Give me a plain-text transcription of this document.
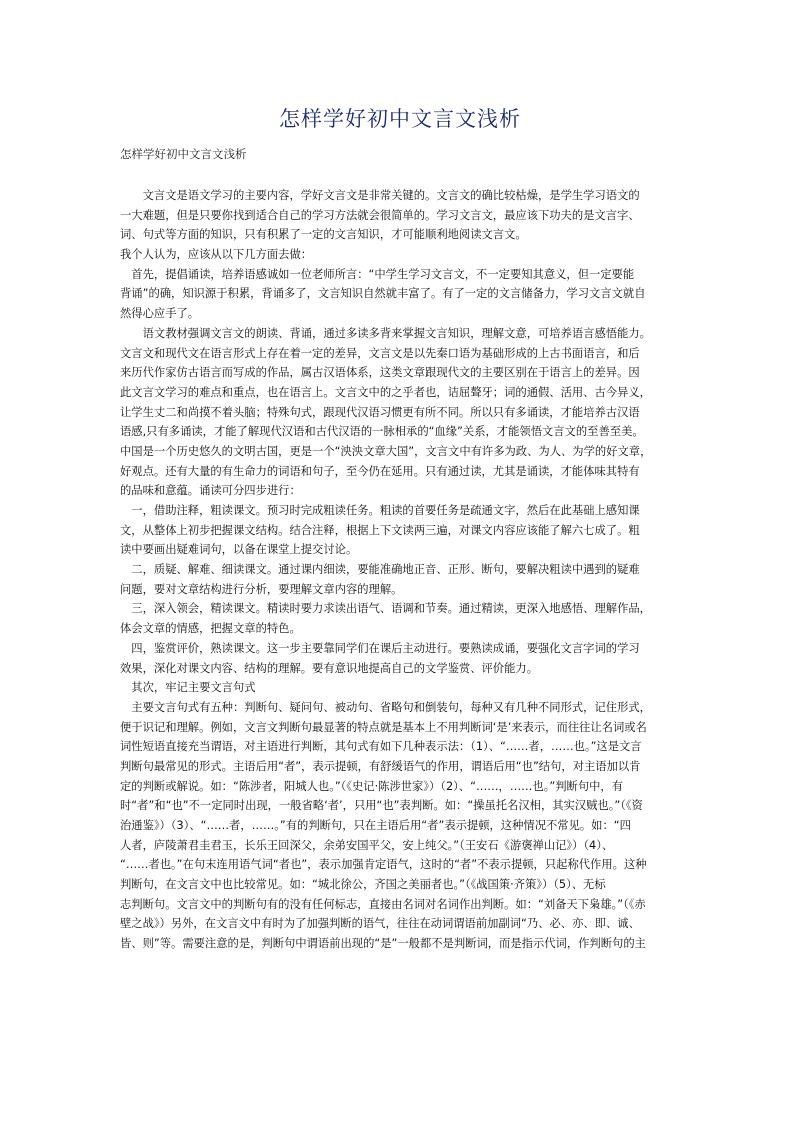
怎样学好初中文言文浅析

怎样学好初中文言文浅析

　　文言文是语文学习的主要内容，学好文言文是非常关键的。文言文的确比较枯燥，是学生学习语文的
一大难题，但是只要你找到适合自己的学习方法就会很简单的。学习文言文，最应该下功夫的是文言字、
词、句式等方面的知识，只有积累了一定的文言知识，才可能顺利地阅读文言文。
我个人认为，应该从以下几方面去做：
　首先，提倡诵读，培养语感诚如一位老师所言：“中学生学习文言文，不一定要知其意义，但一定要能
背诵”的确，知识源于积累，背诵多了，文言知识自然就丰富了。有了一定的文言储备力，学习文言文就自
然得心应手了。
　　语文教材强调文言文的朗读、背诵，通过多读多背来掌握文言知识，理解文意，可培养语言感悟能力。
文言文和现代文在语言形式上存在着一定的差异，文言文是以先秦口语为基础形成的上古书面语言，和后
来历代作家仿古语言而写成的作品，属古汉语体系，这类文章跟现代文的主要区别在于语言上的差异。因
此文言文学习的难点和重点，也在语言上。文言文中的之乎者也，诘屈聱牙；词的通假、活用、古今异义，
让学生丈二和尚摸不着头脑；特殊句式，跟现代汉语习惯更有所不同。所以只有多诵读，才能培养古汉语
语感,只有多诵读，才能了解现代汉语和古代汉语的一脉相承的“血缘”关系，才能领悟文言文的至善至美。
中国是一个历史悠久的文明古国，更是一个“泱泱文章大国”，文言文中有许多为政、为人、为学的好文章，
好观点。还有大量的有生命力的词语和句子，至今仍在延用。只有通过读，尤其是诵读，才能体味其特有
的品味和意蕴。诵读可分四步进行：
　一，借助注释，粗读课文。预习时完成粗读任务。粗读的首要任务是疏通文字，然后在此基础上感知课
文，从整体上初步把握课文结构。结合注释，根据上下文读两三遍，对课文内容应该能了解六七成了。粗
读中要画出疑难词句，以备在课堂上提交讨论。
　二，质疑、解难、细读课文。通过课内细读，要能准确地正音、正形、断句，要解决粗读中遇到的疑难
问题，要对文章结构进行分析，要理解文章内容的理解。
　三，深入领会，精读课文。精读时要力求读出语气、语调和节奏。通过精读，更深入地感悟、理解作品，
体会文章的情感，把握文章的特色。
　四，鉴赏评价，熟读课文。这一步主要靠同学们在课后主动进行。要熟读成诵，要强化文言字词的学习
效果，深化对课文内容、结构的理解。要有意识地提高自己的文学鉴赏、评价能力。
　其次，牢记主要文言句式
　主要文言句式有五种：判断句、疑问句、被动句、省略句和倒装句，每种又有几种不同形式，记住形式，
便于识记和理解。例如，文言文判断句最显著的特点就是基本上不用判断词‘是’来表示，而往往让名词或名
词性短语直接充当谓语，对主语进行判断，其句式有如下几种表示法：（1）、“……者，……也。”这是文言
判断句最常见的形式。主语后用“者”，表示提顿，有舒缓语气的作用，谓语后用“也”结句，对主语加以肯
定的判断或解说。如：“陈涉者，阳城人也。”（《史记·陈涉世家》）（2）、“……，……也。”判断句中，有
时“者”和“也”不一定同时出现，一般省略‘者’，只用“也”表判断。如：“操虽托名汉相，其实汉贼也。”（《资
治通鉴》）（3）、“……者，……。”有的判断句，只在主语后用“者”表示提顿，这种情况不常见。如：“四
人者，庐陵萧君圭君玉，长乐王回深父，余弟安国平父，安上纯父。”（王安石《游褒禅山记》）（4）、
“……者也。”在句末连用语气词“者也”，表示加强肯定语气，这时的“者”不表示提顿，只起称代作用。这种
判断句，在文言文中也比较常见。如：“城北徐公，齐国之美丽者也。”（《战国策·齐策》）（5）、无标
志判断句。文言文中的判断句有的没有任何标志，直接由名词对名词作出判断。如：“刘备天下枭雄。”（《赤
壁之战》）另外，在文言文中有时为了加强判断的语气，往往在动词谓语前加副词“乃、必、亦、即、诚、
皆、则”等。需要注意的是，判断句中谓语前出现的“是”一般都不是判断词，而是指示代词，作判断句的主
